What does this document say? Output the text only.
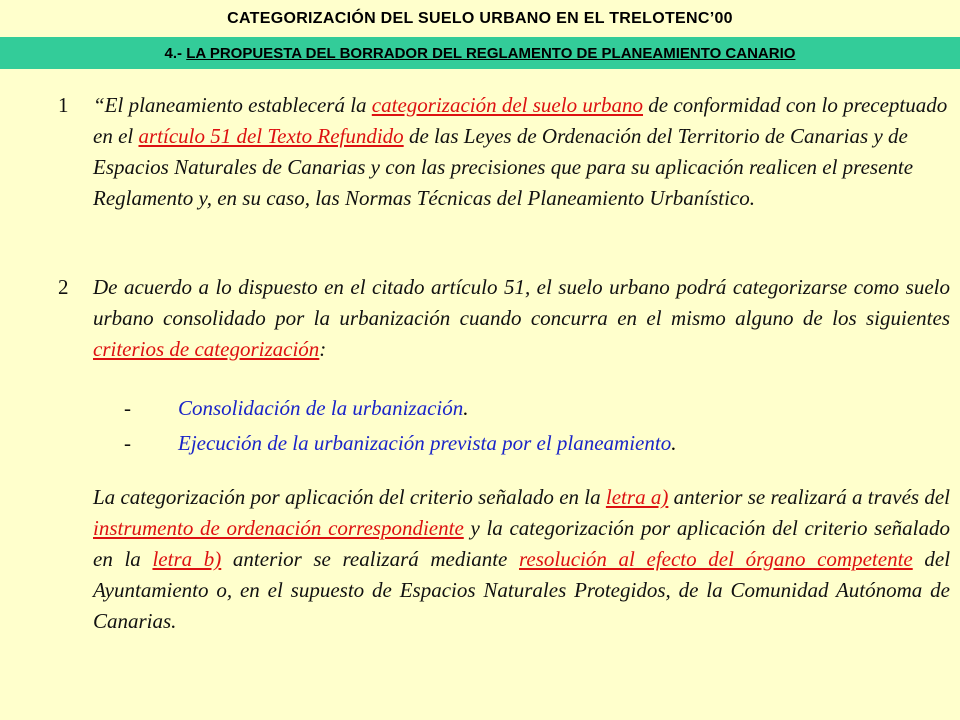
CATEGORIZACIÓN DEL SUELO URBANO EN EL TRELOTENC’00
4.- LA PROPUESTA DEL BORRADOR DEL REGLAMENTO DE PLANEAMIENTO CANARIO
1 “El planeamiento establecerá la categorización del suelo urbano de conformidad con lo preceptuado en el artículo 51 del Texto Refundido de las Leyes de Ordenación del Territorio de Canarias y de Espacios Naturales de Canarias y con las precisiones que para su aplicación realicen el presente Reglamento y, en su caso, las Normas Técnicas del Planeamiento Urbanístico.
2 De acuerdo a lo dispuesto en el citado artículo 51, el suelo urbano podrá categorizarse como suelo urbano consolidado por la urbanización cuando concurra en el mismo alguno de los siguientes criterios de categorización:
- Consolidación de la urbanización.
- Ejecución de la urbanización prevista por el planeamiento.
La categorización por aplicación del criterio señalado en la letra a) anterior se realizará a través del instrumento de ordenación correspondiente y la categorización por aplicación del criterio señalado en la letra b) anterior se realizará mediante resolución al efecto del órgano competente del Ayuntamiento o, en el supuesto de Espacios Naturales Protegidos, de la Comunidad Autónoma de Canarias.
